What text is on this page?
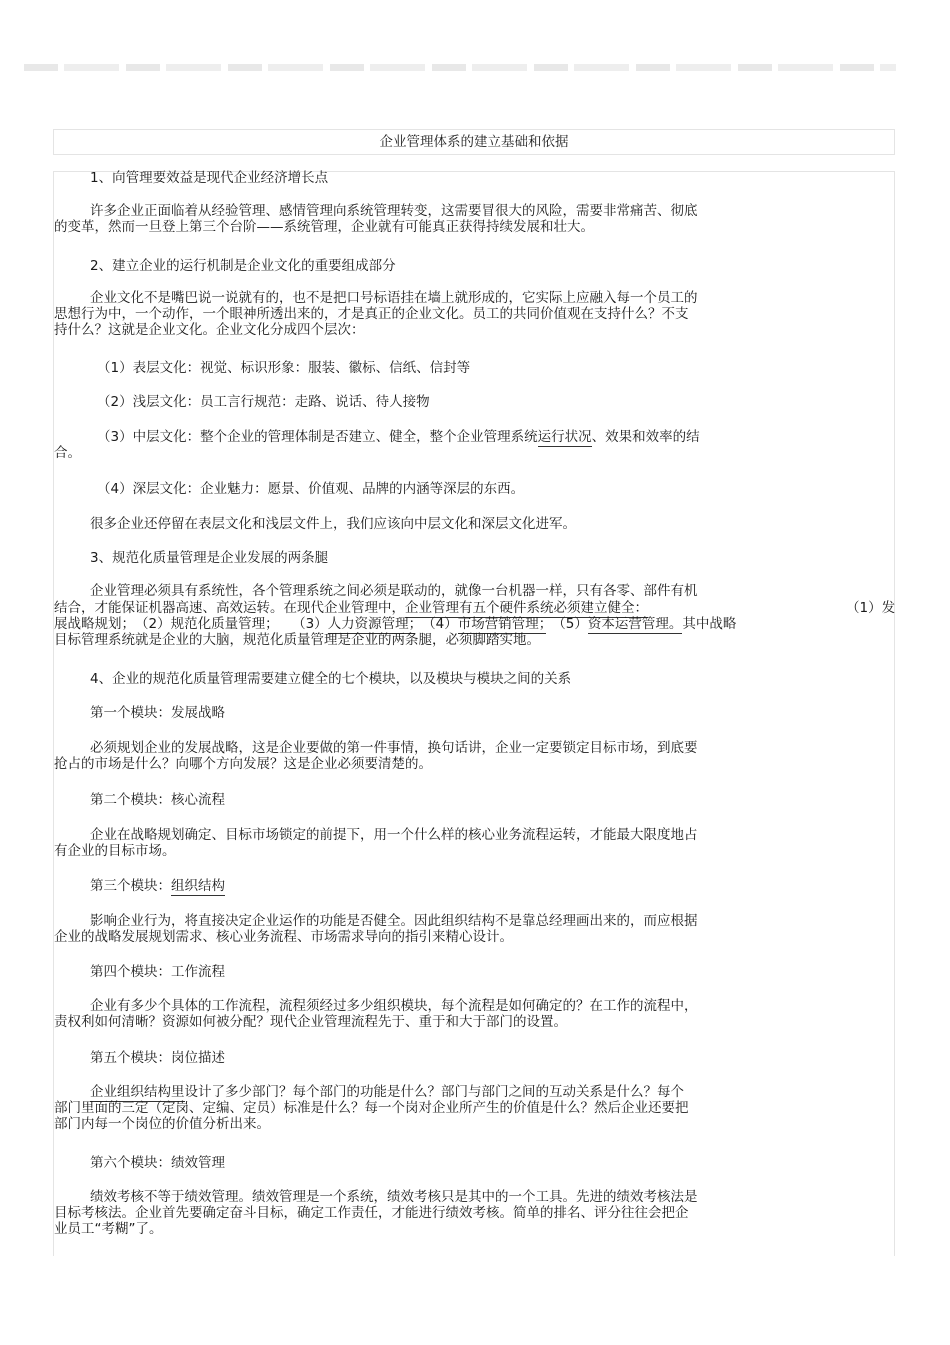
企业管理体系的建立基础和依据
1、向管理要效益是现代企业经济增长点
许多企业正面临着从经验管理、感情管理向系统管理转变，这需要冒很大的风险，需要非常痛苦、彻底
的变革，然而一旦登上第三个台阶——系统管理，企业就有可能真正获得持续发展和壮大。
2、建立企业的运行机制是企业文化的重要组成部分
企业文化不是嘴巴说一说就有的，也不是把口号标语挂在墙上就形成的，它实际上应融入每一个员工的
思想行为中，一个动作，一个眼神所透出来的，才是真正的企业文化。员工的共同价值观在支持什么？不支
持什么？这就是企业文化。企业文化分成四个层次：
（1）表层文化：视觉、标识形象：服装、徽标、信纸、信封等
（2）浅层文化：员工言行规范：走路、说话、待人接物
（3）中层文化：整个企业的管理体制是否建立、健全，整个企业管理系统运行状况、效果和效率的结
合。
（4）深层文化：企业魅力：愿景、价值观、品牌的内涵等深层的东西。
很多企业还停留在表层文化和浅层文件上，我们应该向中层文化和深层文化进军。
3、规范化质量管理是企业发展的两条腿
企业管理必须具有系统性，各个管理系统之间必须是联动的，就像一台机器一样，只有各零、部件有机
结合，才能保证机器高速、高效运转。在现代企业管理中，企业管理有五个硬件系统必须建立健全：	（1）发
展战略规划；　（2）规范化质量管理；　　（3）人力资源管理；　（4）市场营销管理；　（5）资本运营管理。其中战略
目标管理系统就是企业的大脑，规范化质量管理是企业的两条腿，必须脚踏实地。
4、企业的规范化质量管理需要建立健全的七个模块，以及模块与模块之间的关系
第一个模块：发展战略
必须规划企业的发展战略，这是企业要做的第一件事情，换句话讲，企业一定要锁定目标市场，到底要
抢占的市场是什么？向哪个方向发展？这是企业必须要清楚的。
第二个模块：核心流程
企业在战略规划确定、目标市场锁定的前提下，用一个什么样的核心业务流程运转，才能最大限度地占
有企业的目标市场。
第三个模块：组织结构
影响企业行为，将直接决定企业运作的功能是否健全。因此组织结构不是靠总经理画出来的，而应根据
企业的战略发展规划需求、核心业务流程、市场需求导向的指引来精心设计。
第四个模块：工作流程
企业有多少个具体的工作流程，流程须经过多少组织模块，每个流程是如何确定的？在工作的流程中，
责权利如何清晰？资源如何被分配？现代企业管理流程先于、重于和大于部门的设置。
第五个模块：岗位描述
企业组织结构里设计了多少部门？每个部门的功能是什么？部门与部门之间的互动关系是什么？每个
部门里面的三定（定岗、定编、定员）标准是什么？每一个岗对企业所产生的价值是什么？然后企业还要把
部门内每一个岗位的价值分析出来。
第六个模块：绩效管理
绩效考核不等于绩效管理。绩效管理是一个系统，绩效考核只是其中的一个工具。先进的绩效考核法是
目标考核法。企业首先要确定奋斗目标，确定工作责任，才能进行绩效考核。简单的排名、评分往往会把企
业员工“考糊”了。
